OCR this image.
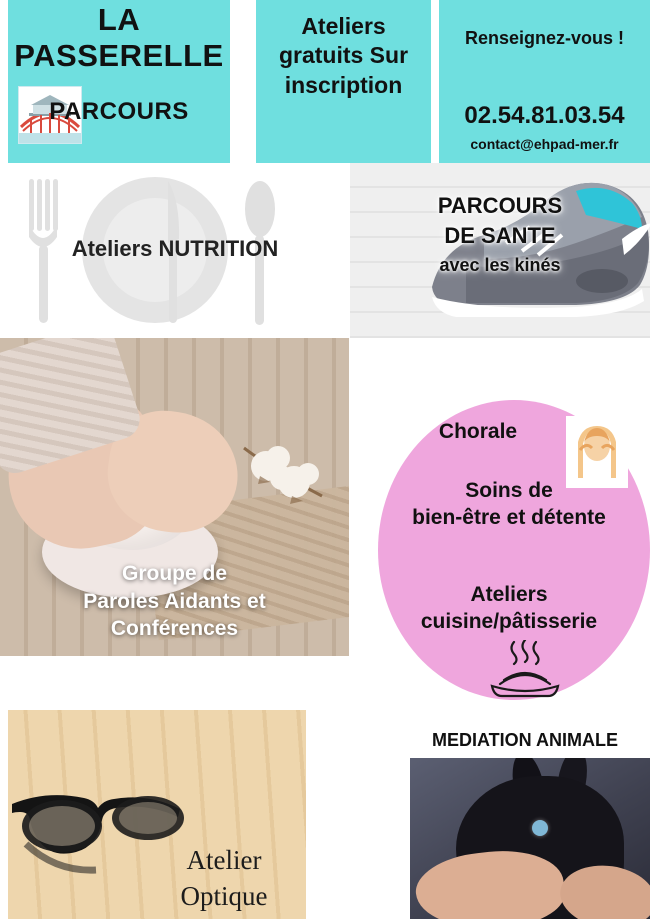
LA PASSERELLE
PARCOURS
Ateliers gratuits Sur inscription
Renseignez-vous !
02.54.81.03.54
contact@ehpad-mer.fr
Ateliers NUTRITION
PARCOURS
DE SANTE
avec les kinés
Groupe de
Paroles Aidants et
Conférences
Chorale
Soins de
bien-être et détente
Ateliers
cuisine/pâtisserie
Atelier
Optique
MEDIATION ANIMALE
